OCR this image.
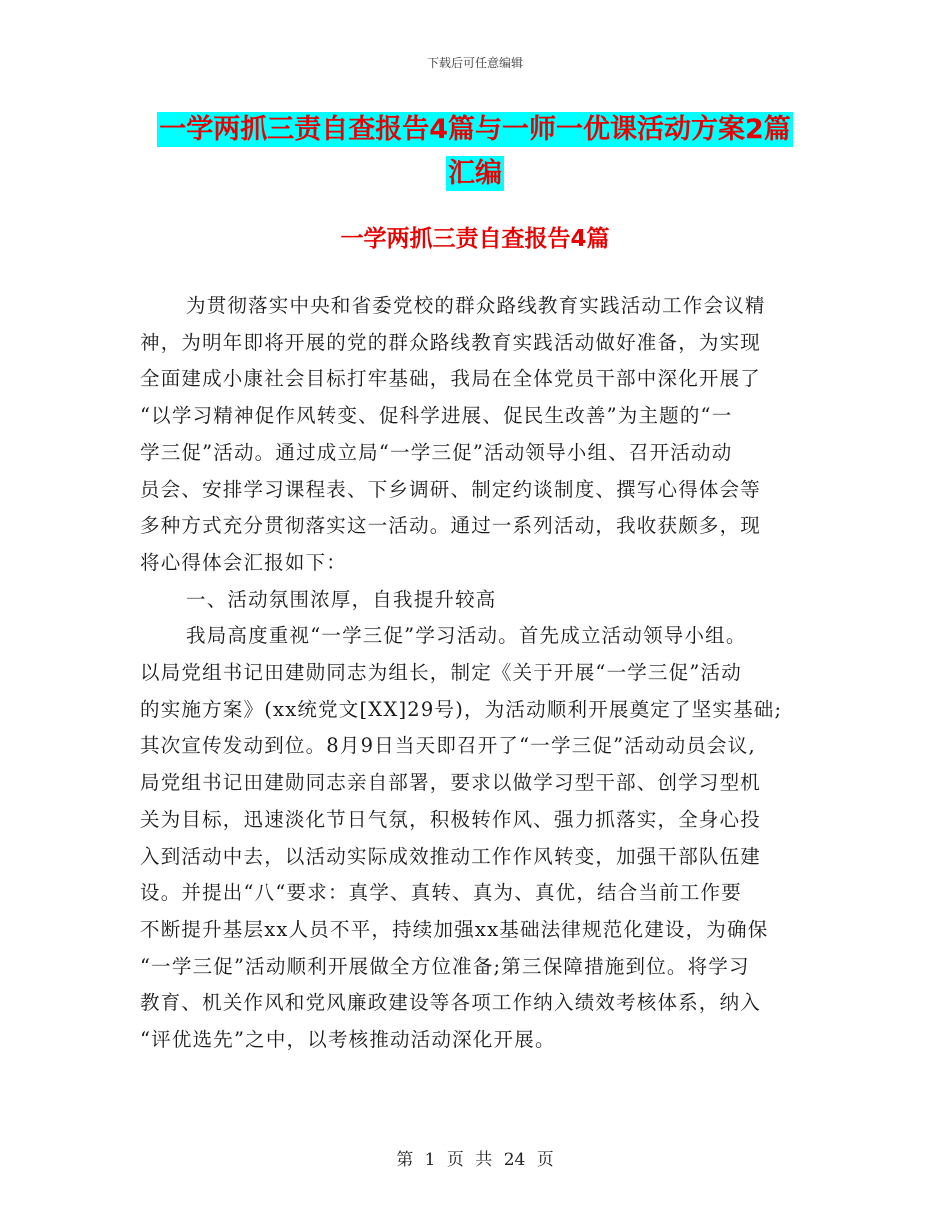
下载后可任意编辑
一学两抓三责自查报告4篇与一师一优课活动方案2篇汇编
一学两抓三责自查报告4篇
为贯彻落实中央和省委党校的群众路线教育实践活动工作会议精
神，为明年即将开展的党的群众路线教育实践活动做好准备，为实现
全面建成小康社会目标打牢基础，我局在全体党员干部中深化开展了
“以学习精神促作风转变、促科学进展、促民生改善”为主题的“一
学三促”活动。通过成立局“一学三促”活动领导小组、召开活动动
员会、安排学习课程表、下乡调研、制定约谈制度、撰写心得体会等
多种方式充分贯彻落实这一活动。通过一系列活动，我收获颇多，现
将心得体会汇报如下：
一、活动氛围浓厚，自我提升较高
我局高度重视“一学三促”学习活动。首先成立活动领导小组。
以局党组书记田建勋同志为组长，制定《关于开展“一学三促”活动
的实施方案》(xx统党文[XX]29号)，为活动顺利开展奠定了坚实基础;
其次宣传发动到位。8月9日当天即召开了“一学三促”活动动员会议,
局党组书记田建勋同志亲自部署，要求以做学习型干部、创学习型机
关为目标，迅速淡化节日气氛，积极转作风、强力抓落实，全身心投
入到活动中去，以活动实际成效推动工作作风转变，加强干部队伍建
设。并提出“八“要求：真学、真转、真为、真优，结合当前工作要
不断提升基层xx人员不平，持续加强xx基础法律规范化建设，为确保
“一学三促”活动顺利开展做全方位准备;第三保障措施到位。将学习
教育、机关作风和党风廉政建设等各项工作纳入绩效考核体系，纳入
“评优选先”之中，以考核推动活动深化开展。
第 1 页 共 24 页
